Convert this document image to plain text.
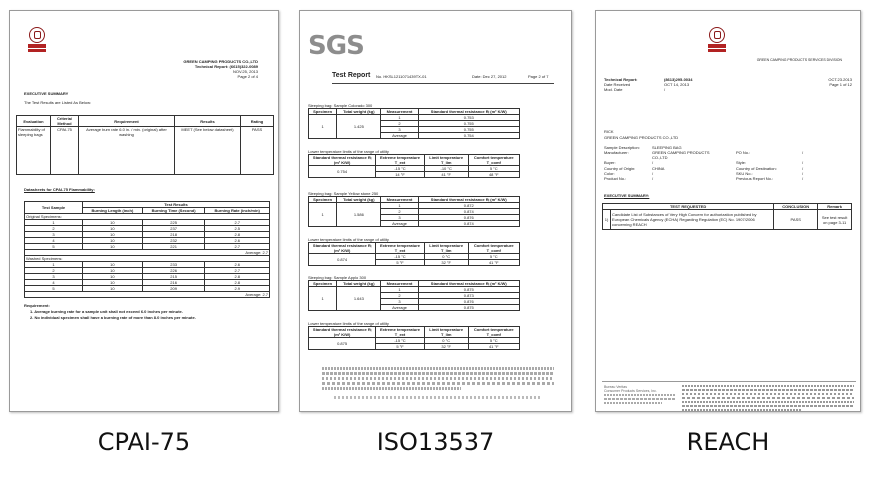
GREEN CAMPING PRODUCTS CO.,LTD
Technical Report: (6615)322-0089
NOV.25, 2013
Page 2 of 4
EXECUTIVE SUMMARY
The Test Results are Listed As Below:
Evaluation	Criteria/ Method	Requirement	Results	Rating
Flammability of sleeping bags	CPAI-75	Average burn rate 6.0 in. / min. (original) after washing	MEET (See below datasheet)	PASS
Datasheets for CPAI-75 Flammability:
Test Sample	Test Results		
	Burning Length (inch)	Burning Time (Second)	Burning Rate (inch/min)
Original Specimens:			
1	10	225	2.7
2	10	237	2.5
3	10	218	2.8
4	10	232	2.6
5	10	221	2.7
Average: 2.7			
Washed Specimens:			
1	10	233	2.6
2	10	226	2.7
3	10	215	2.8
4	10	216	2.8
5	10	209	2.9
Average: 2.7			
Requirement:
1. Average burning rate for a sample unit shall not exceed 6.0 inches per minute.
2. No individual specimen shall have a burning rate of more than 8.0 inches per minute.
SGS
Test Report No. HKSL1211071439TX-01	Date: Dec 27, 2012	Page 2 of 7
Sleeping bag: Sample Colorado 300
Specimen	Total weight (kg)	Measurement	Standard thermal resistance Rᵢ (m² K/W)
1	1.425	1	0.753
		2	0.755
		3	0.755
		Average	0.754
Lower temperature limits of the range of utility
Standard thermal resistance Rᵢ (m² K/W)	Extreme temperature T_ext	Limit temperature T_lim	Comfort temperature T_comf
0.754	-15 °C	-10 °C	5 °C
	14 °F	41 °F	48 °F
Sleeping bag: Sample Yellow stone 250
Specimen	Total weight (kg)	Measurement	Standard thermal resistance Rᵢ (m² K/W)
1	1.586	1	0.872
		2	0.874
		3	0.876
		Average	0.874
Lower temperature limits of the range of utility
Standard thermal resistance Rᵢ (m² K/W)	Extreme temperature T_ext	Limit temperature T_lim	Comfort temperature T_comf
0.874	-15 °C	0 °C	5 °C
	5 °F	32 °F	41 °F
Sleeping bag: Sample Applo 300
Specimen	Total weight (kg)	Measurement	Standard thermal resistance Rᵢ (m² K/W)
1	1.643	1	0.875
		2	0.873
		3	0.876
		Average	0.875
Lower temperature limits of the range of utility
Standard thermal resistance Rᵢ (m² K/W)	Extreme temperature T_ext	Limit temperature T_lim	Comfort temperature T_comf
0.875	-15 °C	0 °C	5 °C
	5 °F	32 °F	41 °F
GREEN CAMPING PRODUCTS SERVICES DIVISION
Technical Report:	(8613)295-0034	OCT.23.2013
Date Received	OCT 14, 2013	Page 1 of 12
Mod. Date	/
RICK
GREEN CAMPING PRODUCTS CO.,LTD
Sample Description:	SLEEPING BAG
Manufacturer:	GREEN CAMPING PRODUCTS CO.,LTD
Buyer:	/
Country of Origin:	CHINA
Color:	/
Product No.:	/
PO No.:	/
Style:	/
Country of Destination:	/
SKU No.:	/
Previous Report No.:	/
EXECUTIVE SUMMARY:
TEST REQUESTED		CONCLUSION	Remark
1)	Candidate List of Substances of Very High Concern for authorization published by European Chemicals Agency (ECHA) Regarding Regulation (EC) No. 1907/2006 concerning REACH	PASS	See test result on page 3-11
Bureau Veritas
Consumer Products Services, Inc.
CPAI-75	ISO13537	REACH
